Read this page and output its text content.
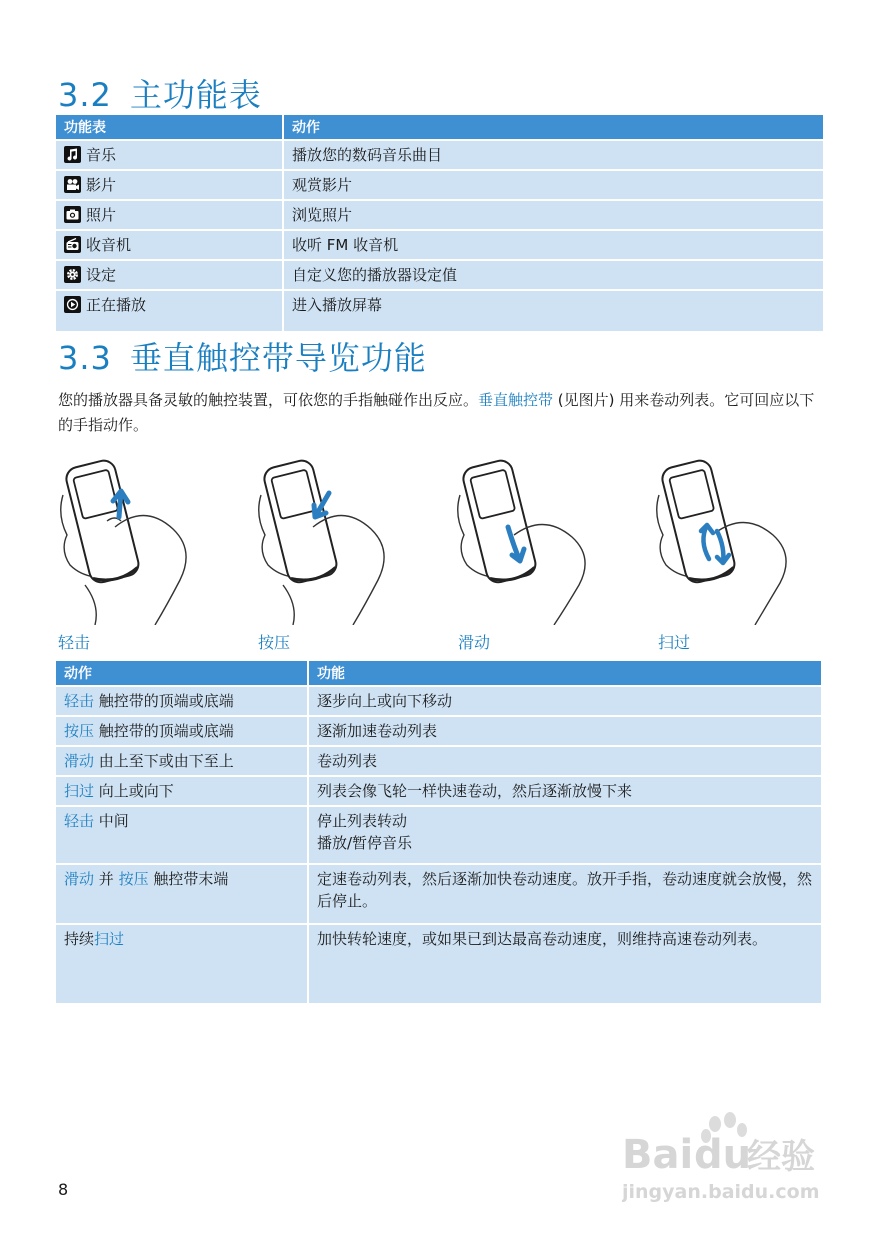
3.2 主功能表
功能表	动作
音乐	播放您的数码音乐曲目
影片	观赏影片
照片	浏览照片
收音机	收听 FM 收音机
设定	自定义您的播放器设定值
正在播放	进入播放屏幕
3.3 垂直触控带导览功能

您的播放器具备灵敏的触控装置，可依您的手指触碰作出反应。垂直触控带 (见图片) 用来卷动列表。它可回应以下的手指动作。

轻击	按压	滑动	扫过
动作	功能
轻击 触控带的顶端或底端	逐步向上或向下移动
按压 触控带的顶端或底端	逐渐加速卷动列表
滑动 由上至下或由下至上	卷动列表
扫过 向上或向下	列表会像飞轮一样快速卷动，然后逐渐放慢下来
轻击 中间	停止列表转动
播放/暂停音乐
滑动 并 按压 触控带末端	定速卷动列表，然后逐渐加快卷动速度。放开手指，卷动速度就会放慢，然后停止。
持续扫过	加快转轮速度，或如果已到达最高卷动速度，则维持高速卷动列表。
8
Bai du
经验
jingyan.baidu.com
